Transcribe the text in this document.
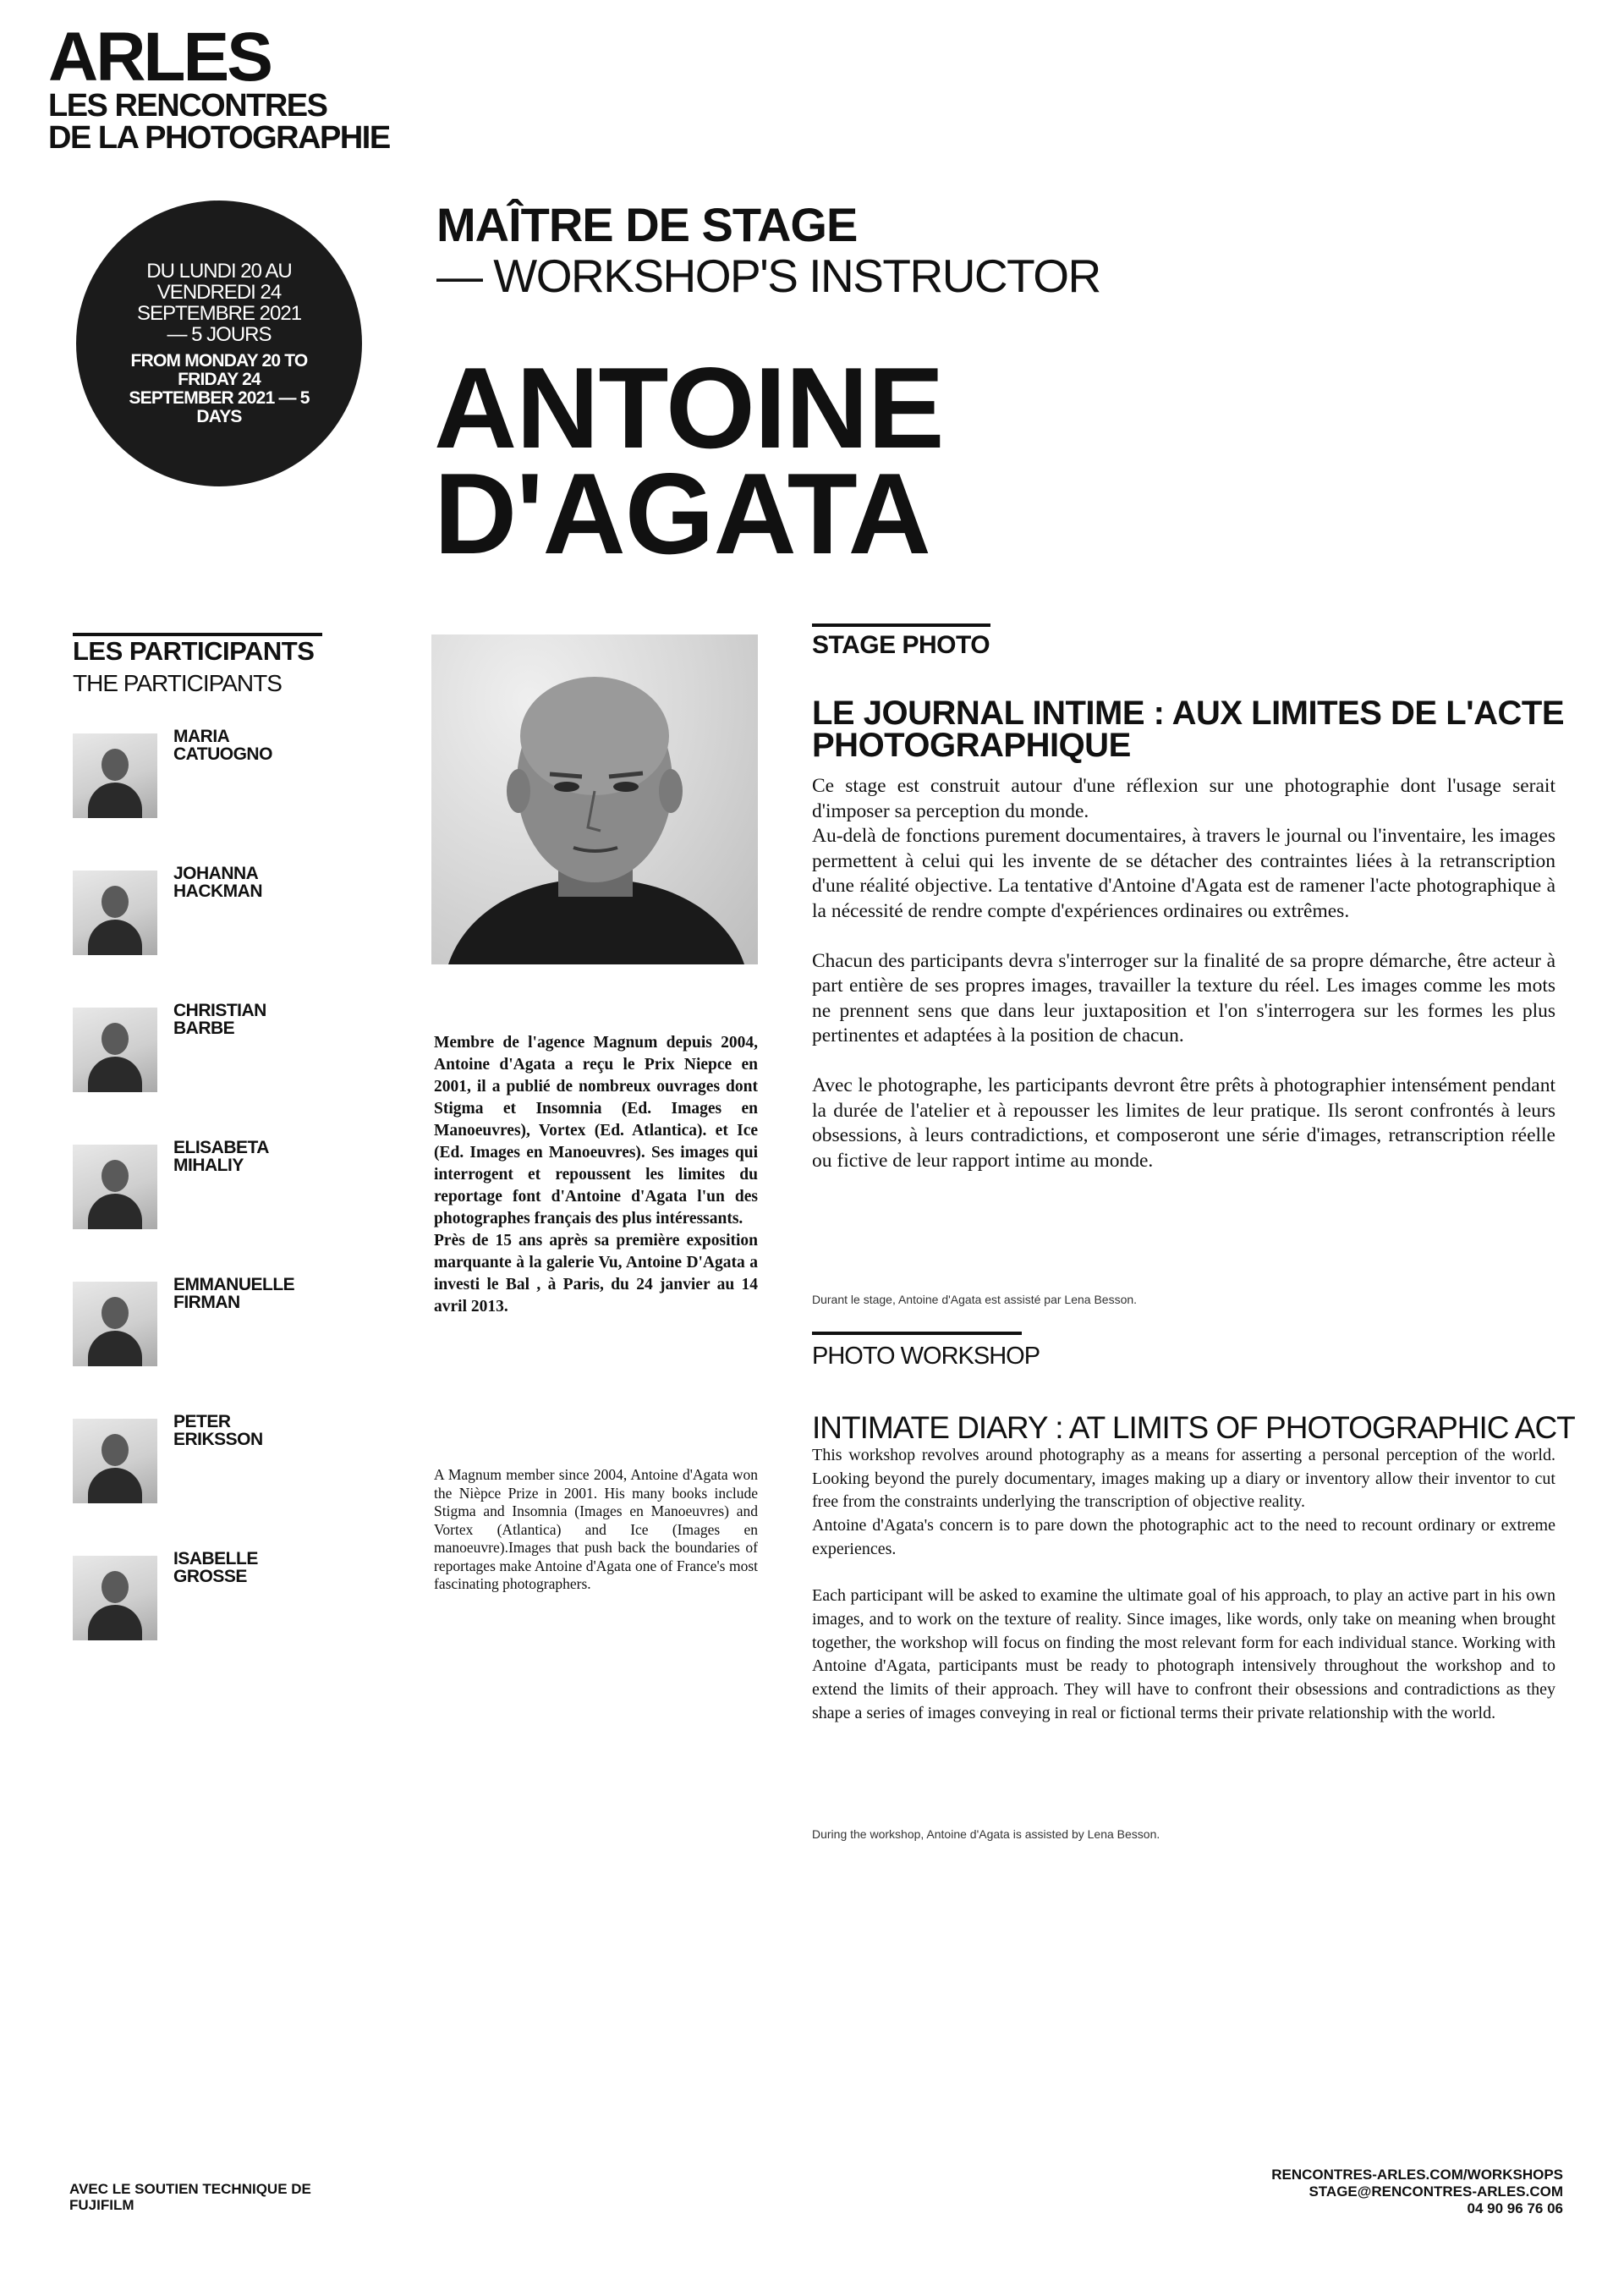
ARLES
LES RENCONTRES
DE LA PHOTOGRAPHIE
DU LUNDI 20 AU VENDREDI 24 SEPTEMBRE 2021 — 5 JOURS
FROM MONDAY 20 TO FRIDAY 24 SEPTEMBER 2021 — 5 DAYS
MAÎTRE DE STAGE
— WORKSHOP'S INSTRUCTOR
ANTOINE
D'AGATA
LES PARTICIPANTS
THE PARTICIPANTS
MARIA
CATUOGNO
JOHANNA
HACKMAN
CHRISTIAN
BARBE
ELISABETA
MIHALIY
EMMANUELLE
FIRMAN
PETER
ERIKSSON
ISABELLE
GROSSE

Membre de l'agence Magnum depuis 2004, Antoine d'Agata a reçu le Prix Niepce en 2001, il a publié de nombreux ouvrages dont Stigma et Insomnia (Ed. Images en Manoeuvres), Vortex (Ed. Atlantica). et Ice (Ed. Images en Manoeuvres). Ses images qui interrogent et repoussent les limites du reportage font d'Antoine d'Agata l'un des photographes français des plus intéressants.

Près de 15 ans après sa première exposition marquante à la galerie Vu, Antoine D'Agata a investi le Bal , à Paris, du 24 janvier au 14 avril 2013.

A Magnum member since 2004, Antoine d'Agata won the Nièpce Prize in 2001. His many books include Stigma and Insomnia (Images en Manoeuvres) and Vortex (Atlantica) and Ice (Images en manoeuvre).Images that push back the boundaries of reportages make Antoine d'Agata one of France's most fascinating photographers.
STAGE PHOTO
LE JOURNAL INTIME : AUX LIMITES DE L'ACTE PHOTOGRAPHIQUE

Ce stage est construit autour d'une réflexion sur une photographie dont l'usage serait d'imposer sa perception du monde.
Au-delà de fonctions purement documentaires, à travers le journal ou l'inventaire, les images permettent à celui qui les invente de se détacher des contraintes liées à la retranscription d'une réalité objective. La tentative d'Antoine d'Agata est de ramener l'acte photographique à la nécessité de rendre compte d'expériences ordinaires ou extrêmes.

Chacun des participants devra s'interroger sur la finalité de sa propre démarche, être acteur à part entière de ses propres images, travailler la texture du réel. Les images comme les mots ne prennent sens que dans leur juxtaposition et l'on s'interrogera sur les formes les plus pertinentes et adaptées à la position de chacun.

Avec le photographe, les participants devront être prêts à photographier intensément pendant la durée de l'atelier et à repousser les limites de leur pratique. Ils seront confrontés à leurs obsessions, à leurs contradictions, et composeront une série d'images, retranscription réelle ou fictive de leur rapport intime au monde.

Durant le stage, Antoine d'Agata est assisté par Lena Besson.
PHOTO WORKSHOP
INTIMATE DIARY : AT LIMITS OF PHOTOGRAPHIC ACT

This workshop revolves around photography as a means for asserting a personal perception of the world. Looking beyond the purely documentary, images making up a diary or inventory allow their inventor to cut free from the constraints underlying the transcription of objective reality.
Antoine d'Agata's concern is to pare down the photographic act to the need to recount ordinary or extreme experiences.

Each participant will be asked to examine the ultimate goal of his approach, to play an active part in his own images, and to work on the texture of reality. Since images, like words, only take on meaning when brought together, the workshop will focus on finding the most relevant form for each individual stance. Working with Antoine d'Agata, participants must be ready to photograph intensively throughout the workshop and to extend the limits of their approach. They will have to confront their obsessions and contradictions as they shape a series of images conveying in real or fictional terms their private relationship with the world.

During the workshop, Antoine d'Agata is assisted by Lena Besson.
AVEC LE SOUTIEN TECHNIQUE DE
FUJIFILM
RENCONTRES-ARLES.COM/WORKSHOPS
STAGE@RENCONTRES-ARLES.COM
04 90 96 76 06
